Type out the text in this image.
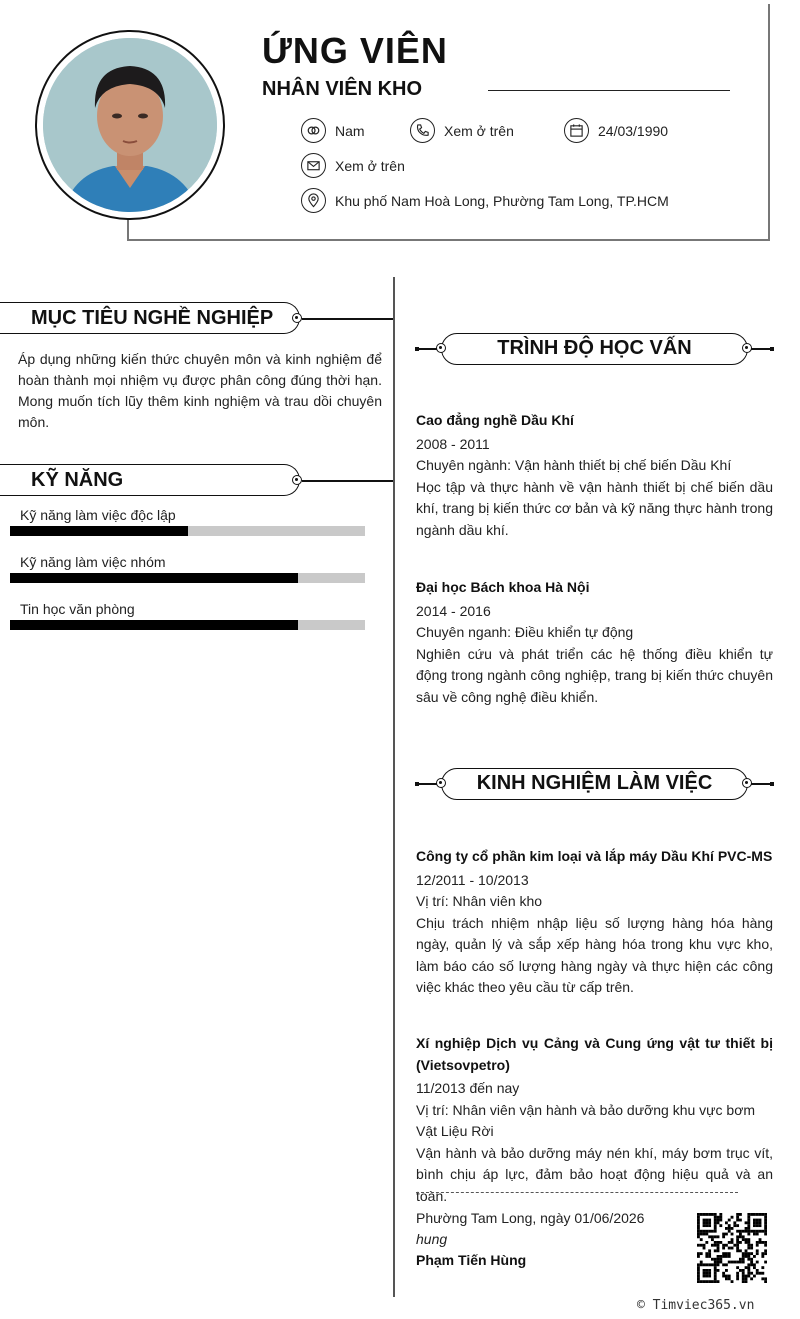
ỨNG VIÊN
NHÂN VIÊN KHO
Nam	Xem ở trên	24/03/1990
Xem ở trên
Khu phố Nam Hoà Long, Phường Tam Long, TP.HCM
MỤC TIÊU NGHỀ NGHIỆP
Áp dụng những kiến thức chuyên môn và kinh nghiệm để hoàn thành mọi nhiệm vụ được phân công đúng thời hạn. Mong muốn tích lũy thêm kinh nghiệm và trau dồi chuyên môn.
KỸ NĂNG
Kỹ năng làm việc độc lập
Kỹ năng làm việc nhóm
Tin học văn phòng
TRÌNH ĐỘ HỌC VẤN
Cao đẳng nghề Dầu Khí
2008 - 2011
Chuyên ngành: Vận hành thiết bị chế biến Dầu Khí
Học tập và thực hành về vận hành thiết bị chế biến dầu khí, trang bị kiến thức cơ bản và kỹ năng thực hành trong ngành dầu khí.
Đại học Bách khoa Hà Nội
2014 - 2016
Chuyên nganh: Điều khiển tự động
Nghiên cứu và phát triển các hệ thống điều khiển tự động trong ngành công nghiệp, trang bị kiến thức chuyên sâu về công nghệ điều khiển.
KINH NGHIỆM LÀM VIỆC
Công ty cổ phần kim loại và lắp máy Dầu Khí PVC-MS
12/2011 - 10/2013
Vị trí: Nhân viên kho
Chịu trách nhiệm nhập liệu số lượng hàng hóa hàng ngày, quản lý và sắp xếp hàng hóa trong khu vực kho, làm báo cáo số lượng hàng ngày và thực hiện các công việc khác theo yêu cầu từ cấp trên.
Xí nghiệp Dịch vụ Cảng và Cung ứng vật tư thiết bị (Vietsovpetro)
11/2013 đến nay
Vị trí: Nhân viên vận hành và bảo dưỡng khu vực bơm Vật Liệu Rời
Vận hành và bảo dưỡng máy nén khí, máy bơm trục vít, bình chịu áp lực, đảm bảo hoạt động hiệu quả và an toàn.
Phường Tam Long, ngày 01/06/2026
hung
Phạm Tiến Hùng
© Timviec365.vn
